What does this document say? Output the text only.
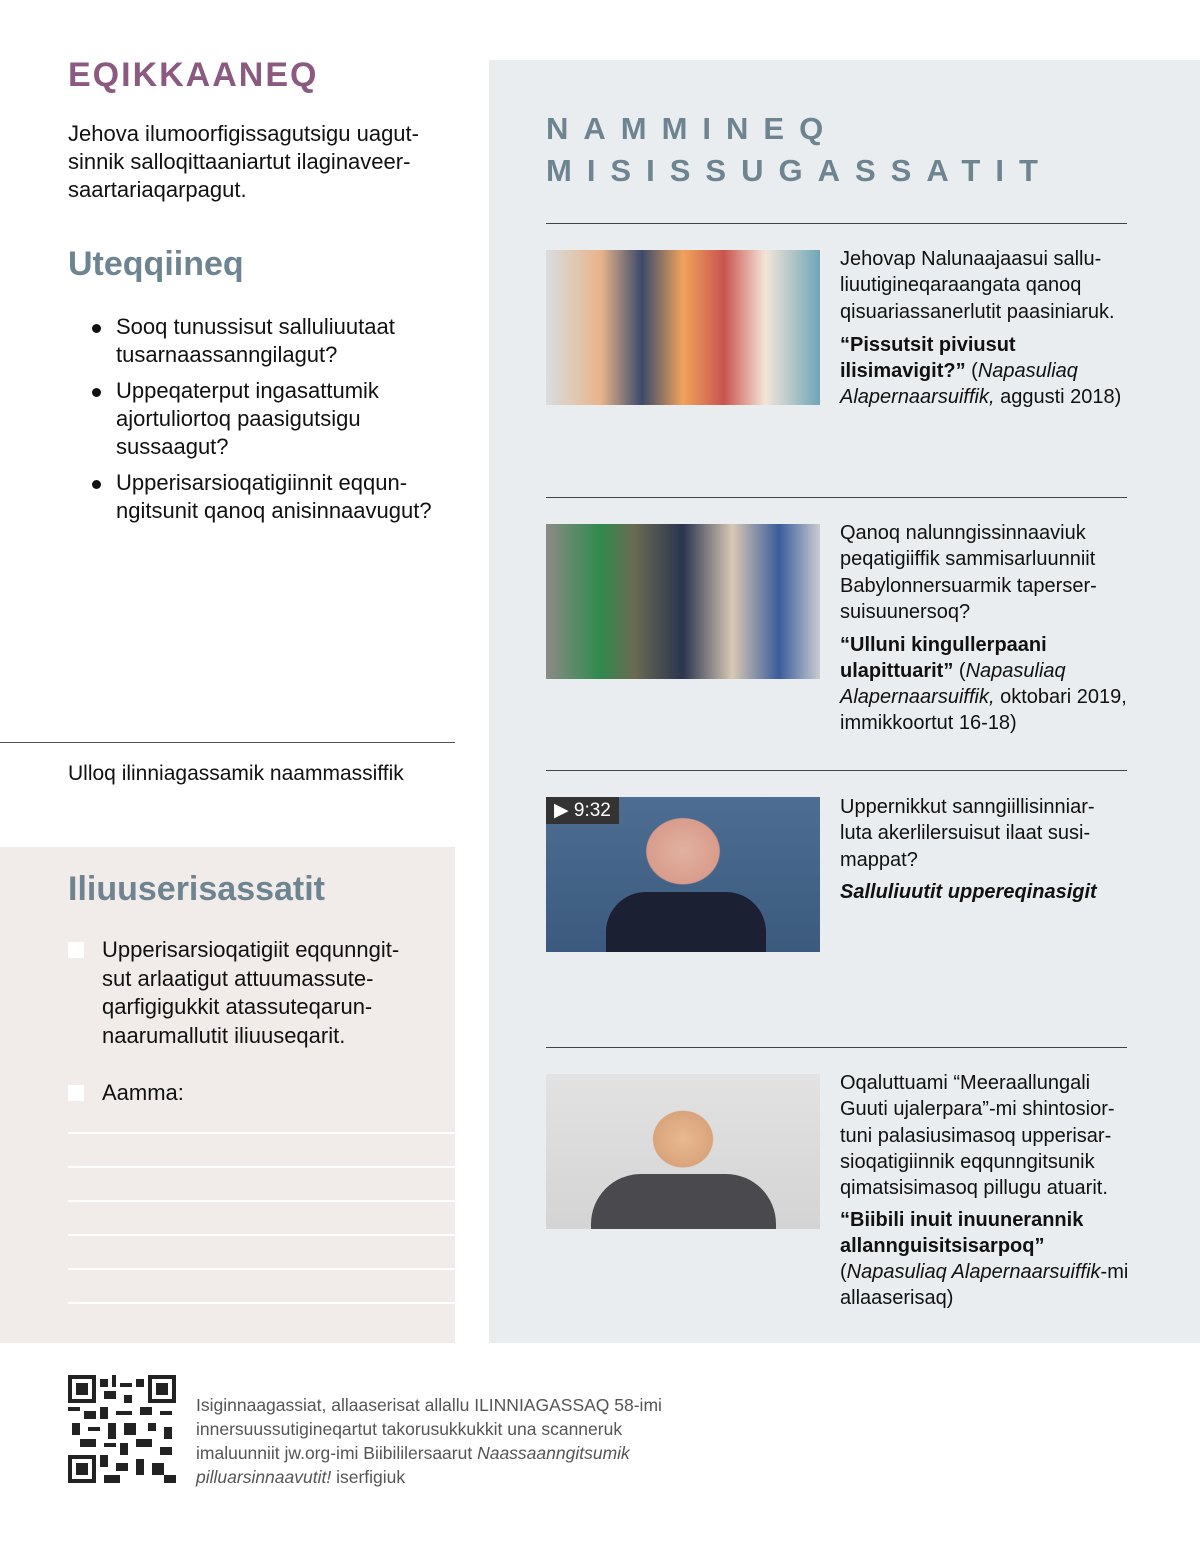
EQIKKAANEQ
Jehova ilumoorfigissagutsigu uagut-
sinnik salloqittaaniartut ilaginaveer-
saartariaqarpagut.
Uteqqiineq
Sooq tunussisut salluliuutaat
tusarnaassanngilagut?
Uppeqaterput ingasattumik
ajortuliortoq paasigutsigu
sussaagut?
Upperisarsioqatigiinnit eqqun-
ngitsunit qanoq anisinnaavugut?
Ulloq ilinniagassamik naammassiffik
Iliuuserisassatit
Upperisarsioqatigiit eqqunngit-
sut arlaatigut attuumassute-
qarfigigukkit atassuteqarun-
naarumallutit iliuuseqarit.
Aamma:
NAMMINEQ
MISISSUGASSATIT
Jehovap Nalunaajaasui sallu-
liuutigineqaraangata qanoq
qisuariassanerlutit paasiniaruk.
“Pissutsit piviusut
ilisimavigit?” (Napasuliaq
Alapernaarsuiffik, aggusti 2018)
Qanoq nalunngissinnaaviuk
peqatigiiffik sammisarluunniit
Babylonnersuarmik taperser-
suisuunersoq?
“Ulluni kingullerpaani
ulapittuarit” (Napasuliaq
Alapernaarsuiffik, oktobari 2019,
immikkoortut 16-18)
▶ 9:32	Uppernikkut sanngiillisinniar-
luta akerlilersuisut ilaat susi-
mappat?
Salluliuutit uppereqinasigit
Oqaluttuami “Meeraallungali
Guuti ujalerpara”-mi shintosior-
tuni palasiusimasoq upperisar-
sioqatigiinnik eqqunngitsunik
qimatsisimasoq pillugu atuarit.
“Biibili inuit inuunerannik
allannguisitsisarpoq”
(Napasuliaq Alapernaarsuiffik-mi
allaaserisaq)
Isiginnaagassiat, allaaserisat allallu ILINNIAGASSAQ 58-imi
innersuussutigineqartut takorusukkukkit una scanneruk
imaluunniit jw.org-imi Biibililersaarut Naassaanngitsumik
pilluarsinnaavutit! iserfigiuk
